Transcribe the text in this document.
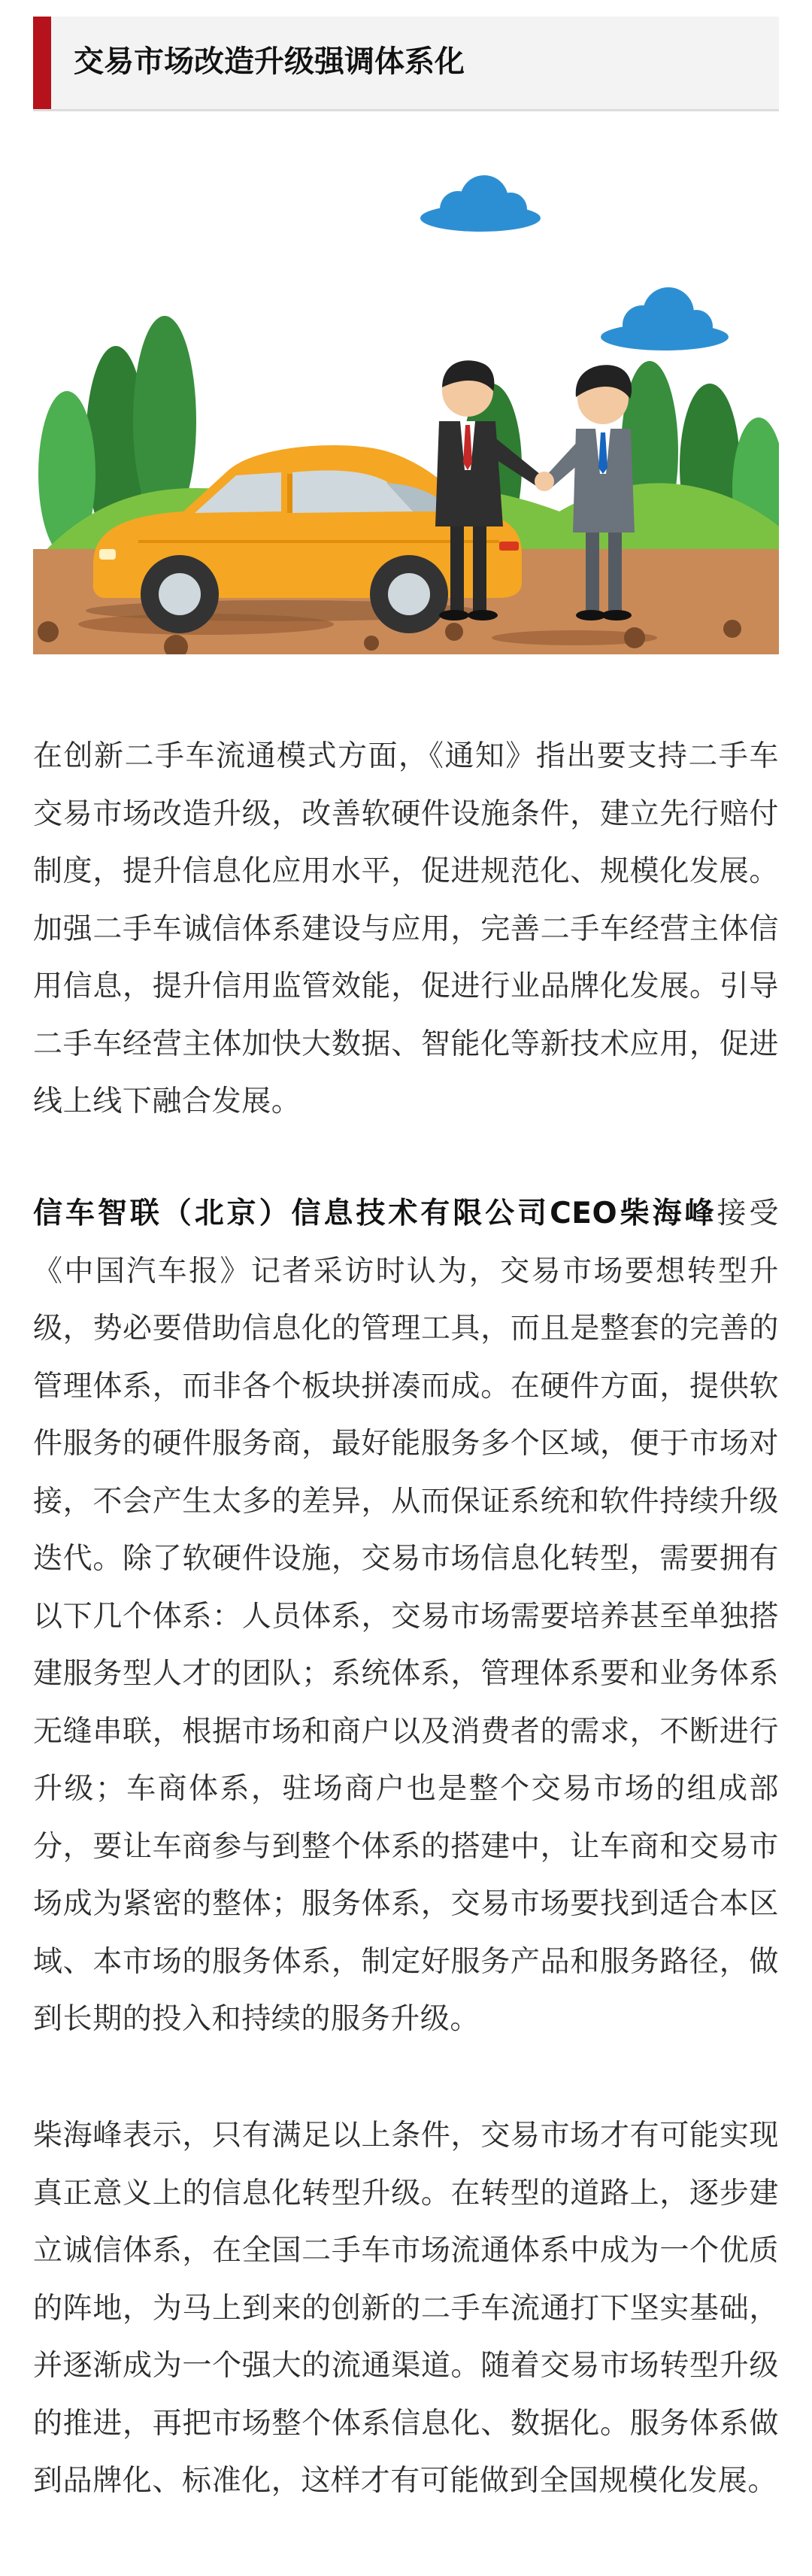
交易市场改造升级强调体系化

在创新二手车流通模式方面，《通知》指出要支持二手车交易市场改造升级，改善软硬件设施条件，建立先行赔付制度，提升信息化应用水平，促进规范化、规模化发展。加强二手车诚信体系建设与应用，完善二手车经营主体信用信息，提升信用监管效能，促进行业品牌化发展。引导二手车经营主体加快大数据、智能化等新技术应用，促进线上线下融合发展。

信车智联（北京）信息技术有限公司CEO柴海峰接受《中国汽车报》记者采访时认为，交易市场要想转型升级，势必要借助信息化的管理工具，而且是整套的完善的管理体系，而非各个板块拼凑而成。在硬件方面，提供软件服务的硬件服务商，最好能服务多个区域，便于市场对接，不会产生太多的差异，从而保证系统和软件持续升级迭代。除了软硬件设施，交易市场信息化转型，需要拥有以下几个体系：人员体系，交易市场需要培养甚至单独搭建服务型人才的团队；系统体系，管理体系要和业务体系无缝串联，根据市场和商户以及消费者的需求，不断进行升级；车商体系，驻场商户也是整个交易市场的组成部分，要让车商参与到整个体系的搭建中，让车商和交易市场成为紧密的整体；服务体系，交易市场要找到适合本区域、本市场的服务体系，制定好服务产品和服务路径，做到长期的投入和持续的服务升级。

柴海峰表示，只有满足以上条件，交易市场才有可能实现真正意义上的信息化转型升级。在转型的道路上，逐步建立诚信体系，在全国二手车市场流通体系中成为一个优质的阵地，为马上到来的创新的二手车流通打下坚实基础，并逐渐成为一个强大的流通渠道。随着交易市场转型升级的推进，再把市场整个体系信息化、数据化。服务体系做到品牌化、标准化，这样才有可能做到全国规模化发展。
